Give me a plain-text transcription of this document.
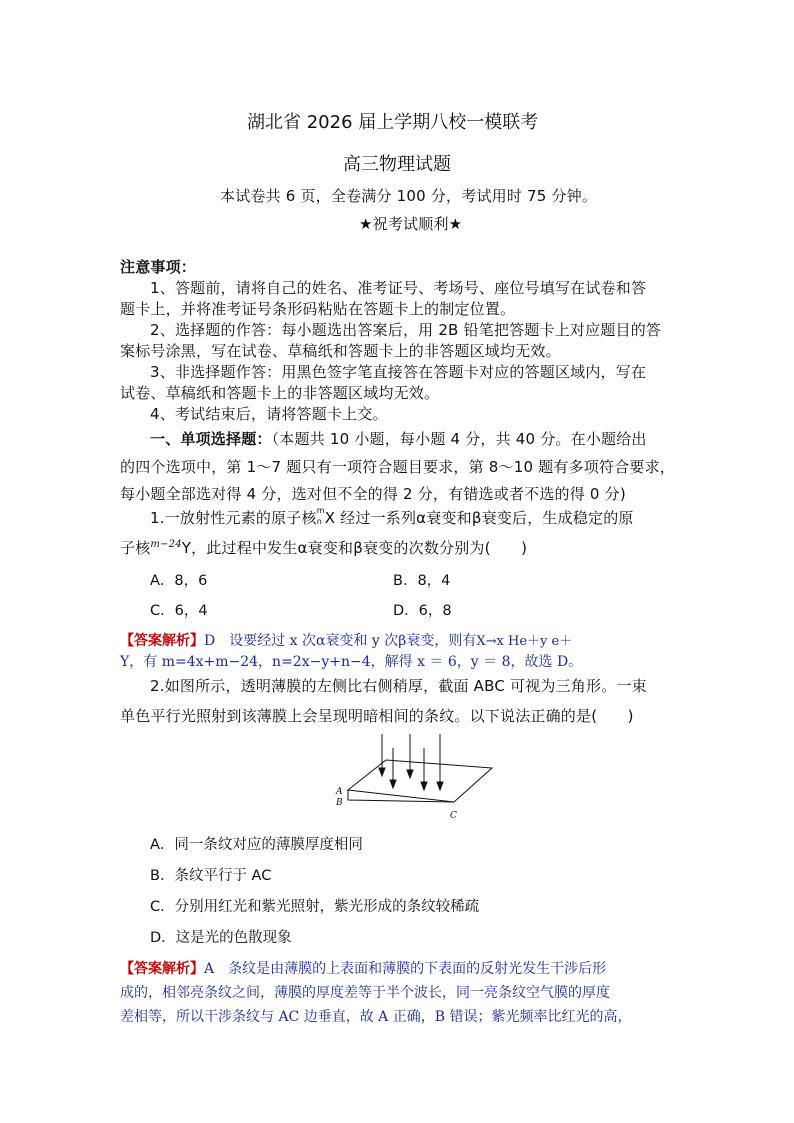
湖北省 2026 届上学期八校一模联考
高三物理试题
本试卷共 6 页，全卷满分 100 分，考试用时 75 分钟。
★祝考试顺利★
注意事项：
1、答题前，请将自己的姓名、准考证号、考场号、座位号填写在试卷和答
题卡上，并将准考证号条形码粘贴在答题卡上的制定位置。
2、选择题的作答：每小题选出答案后，用 2B 铅笔把答题卡上对应题目的答
案标号涂黑，写在试卷、草稿纸和答题卡上的非答题区域均无效。
3、非选择题作答：用黑色签字笔直接答在答题卡对应的答题区域内，写在
试卷、草稿纸和答题卡上的非答题区域均无效。
4、考试结束后，请将答题卡上交。
一、单项选择题：（本题共 10 小题，每小题 4 分，共 40 分。在小题给出
的四个选项中，第 1～7 题只有一项符合题目要求，第 8～10 题有多项符合要求，
每小题全部选对得 4 分，选对但不全的得 2 分，有错选或者不选的得 0 分)
1.一放射性元素的原子核 m
n X 经过一系列α衰变和β衰变后，生成稳定的原
子核$^{m-24}$Y，此过程中发生α衰变和β衰变的次数分别为(　　)
A．8，6	B．8，4
C．6，4	D．6，8
【答案解析】D　设要经过 x 次α衰变和 y 次β衰变，则有X→x He＋y e＋
Y，有 m=4x+m−24，n=2x−y+n−4，解得 x ＝ 6，y ＝ 8，故选 D。
2.如图所示，透明薄膜的左侧比右侧稍厚，截面 ABC 可视为三角形。一束
单色平行光照射到该薄膜上会呈现明暗相间的条纹。以下说法正确的是(　　)
A
B
C
A．同一条纹对应的薄膜厚度相同
B．条纹平行于 AC
C．分别用红光和紫光照射，紫光形成的条纹较稀疏
D．这是光的色散现象
【答案解析】A　条纹是由薄膜的上表面和薄膜的下表面的反射光发生干涉后形
成的，相邻亮条纹之间，薄膜的厚度差等于半个波长，同一亮条纹空气膜的厚度
差相等，所以干涉条纹与 AC 边垂直，故 A 正确，B 错误；紫光频率比红光的高，
